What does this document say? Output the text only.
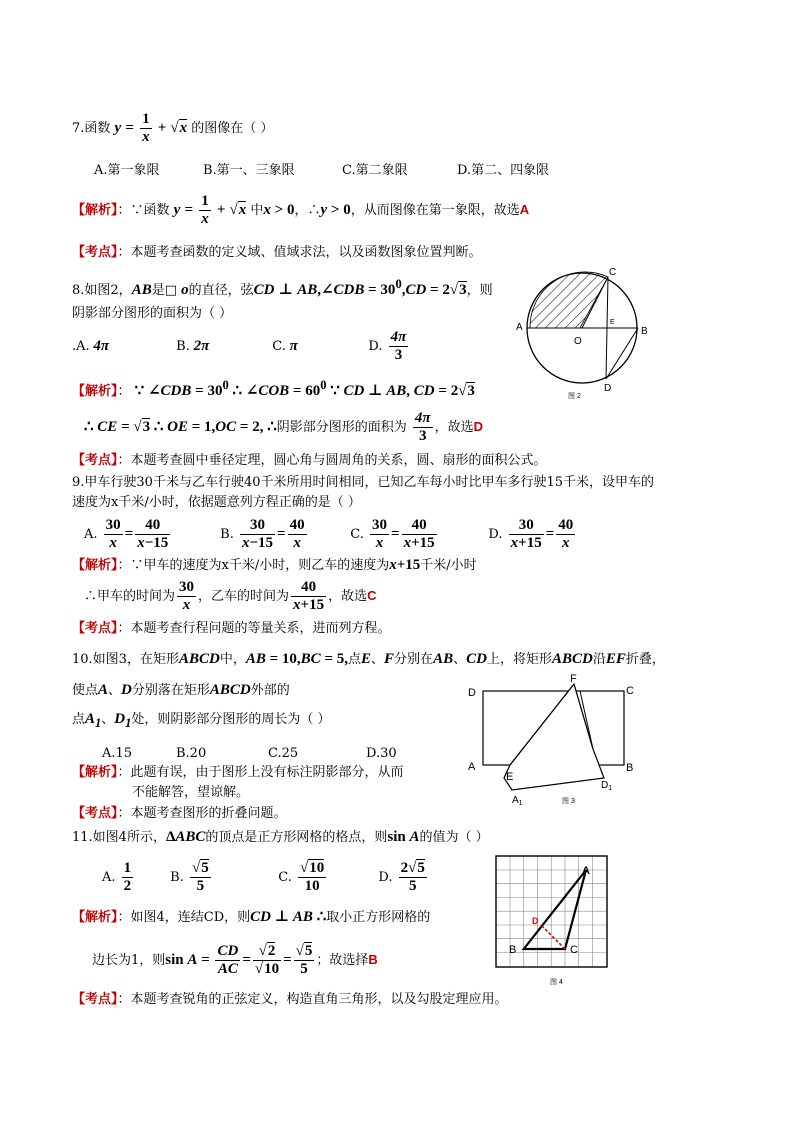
7.函数 $y = \frac{1}{x} + √x$ 的图像在（ ）
A.第一象限	B.第一、三象限	C.第二象限	D.第二、四象限
【解析】：∵函数 $y = \frac{1}{x} + √x$ 中x > 0，∴y > 0，从而图像在第一象限，故选A
【考点】：本题考查函数的定义域、值域求法，以及函数图象位置判断。
8.如图2，AB是□ o的直径，弦CD ⊥ AB,∠CDB = $30^0,CD = 2√3$，则
阴影部分图形的面积为（ ）
.A. 4π	B. 2π	C. π	D. $\frac{4\pi}{3}$
【解析】： ∵ ∠CDB = $30^0$ ∴ ∠COB = $60^0$ ∵ CD ⊥ AB, CD = 2√3
∴ CE = √3 ∴ OE = 1,OC = 2, ∴阴影部分图形的面积为 $\frac{4\pi}{3}$ ，故选D
【考点】：本题考查圆中垂径定理，圆心角与圆周角的关系，圆、扇形的面积公式。
C
A	B
E
O
D
图 2
9.甲车行驶30千米与乙车行驶40千米所用时间相同，已知乙车每小时比甲车多行驶15千米，设甲车的
速度为x千米/小时，依据题意列方程正确的是（ ）
A. $\frac{30}{x} = \frac{40}{x-15}$	B. $\frac{30}{x-15} = \frac{40}{x}$	C. $\frac{30}{x} = \frac{40}{x+15}$	D. $\frac{30}{x+15} = \frac{40}{x}$
【解析】：∵甲车的速度为x千米/小时，则乙车的速度为x+15千米/小时
∴甲车的时间为 $\frac{30}{x}$ ，乙车的时间为 $\frac{40}{x+15}$ ，故选C
【考点】：本题考查行程问题的等量关系，进而列方程。
10.如图3，在矩形ABCD中，AB = 10,BC = 5,点E、F分别在AB、CD上，将矩形ABCD沿EF折叠，
使点A、D分别落在矩形ABCD外部的
点$A_1$、$D_1$处，则阴影部分图形的周长为（ ）
A.15	B.20	C.25	D.30
【解析】：此题有误，由于图形上没有标注阴影部分，从而
不能解答，望谅解。
【考点】：本题考查图形的折叠问题。
D
F
C
A	B
E
$A_1$
$D_1$
图 3
11.如图4所示，ΔABC的顶点是正方形网格的格点，则sin A的值为（ ）
A. $\frac{1}{2}$	B. $\frac{√5}{5}$	C. $\frac{√10}{10}$	D. $\frac{2√5}{5}$
【解析】：如图4，连结CD，则CD ⊥ AB ∴取小正方形网格的
边长为1，则$\sin A = \frac{CD}{AC} = \frac{√2}{√10} = \frac{√5}{5}$ ；故选择B
【考点】：本题考查锐角的正弦定义，构造直角三角形，以及勾股定理应用。
A
B	C
D
图 4
